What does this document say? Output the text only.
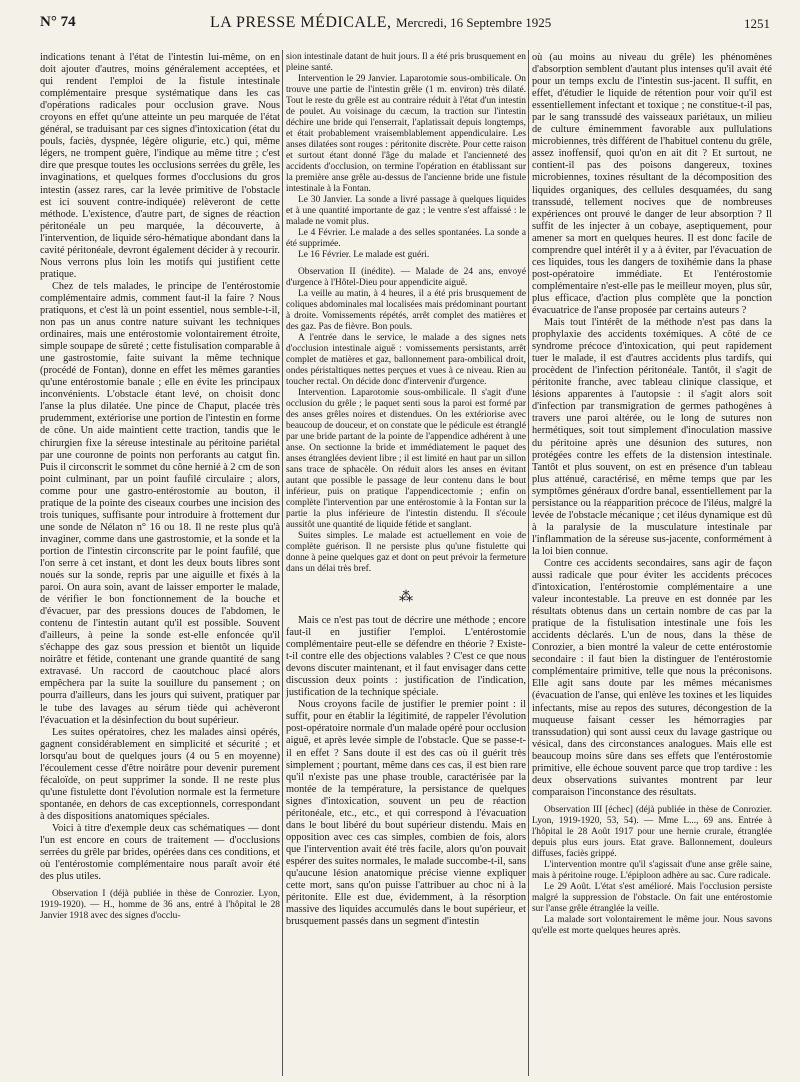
N° 74	LA PRESSE MÉDICALE, Mercredi, 16 Septembre 1925	1251

indications tenant à l'état de l'intestin lui-même, on en doit ajouter d'autres, moins généralement acceptées, et qui rendent l'emploi de la fistule intestinale complémentaire presque systématique dans les cas d'opérations radicales pour occlusion grave. Nous croyons en effet qu'une atteinte un peu marquée de l'état général, se traduisant par ces signes d'intoxication (état du pouls, faciès, dyspnée, légère oligurie, etc.) qui, même légers, ne trompent guère, l'indique au même titre ; c'est dire que presque toutes les occlusions serrées du grêle, les invaginations, et quelques formes d'occlusions du gros intestin (assez rares, car la levée primitive de l'obstacle est ici souvent contre-indiquée) relèveront de cette méthode. L'existence, d'autre part, de signes de réaction péritonéale un peu marquée, la découverte, à l'intervention, de liquide séro-hématique abondant dans la cavité péritonéale, devront également décider à y recourir. Nous verrons plus loin les motifs qui justifient cette pratique.

Chez de tels malades, le principe de l'entérostomie complémentaire admis, comment faut-il la faire ? Nous pratiquons, et c'est là un point essentiel, nous semble-t-il, non pas un anus contre nature suivant les techniques ordinaires, mais une entérostomie volontairement étroite, simple soupape de sûreté ; cette fistulisation comparable à une gastrostomie, faite suivant la même technique (procédé de Fontan), donne en effet les mêmes garanties qu'une entérostomie banale ; elle en évite les principaux inconvénients. L'obstacle étant levé, on choisit donc l'anse la plus dilatée. Une pince de Chaput, placée très prudemment, extériorise une portion de l'intestin en forme de cône. Un aide maintient cette traction, tandis que le chirurgien fixe la séreuse intestinale au péritoine pariétal par une couronne de points non perforants au catgut fin. Puis il circonscrit le sommet du cône hernié à 2 cm de son point culminant, par un point faufilé circulaire ; alors, comme pour une gastro-entérostomie au bouton, il pratique de la pointe des ciseaux courbes une incision des trois tuniques, suffisante pour introduire à frottement dur une sonde de Nélaton n° 16 ou 18. Il ne reste plus qu'à invaginer, comme dans une gastrostomie, et la sonde et la portion de l'intestin circonscrite par le point faufilé, que l'on serre à cet instant, et dont les deux bouts libres sont noués sur la sonde, repris par une aiguille et fixés à la paroi. On aura soin, avant de laisser emporter le malade, de vérifier le bon fonctionnement de la bouche et d'évacuer, par des pressions douces de l'abdomen, le contenu de l'intestin autant qu'il est possible. Souvent d'ailleurs, à peine la sonde est-elle enfoncée qu'il s'échappe des gaz sous pression et bientôt un liquide noirâtre et fétide, contenant une grande quantité de sang extravasé. Un raccord de caoutchouc placé alors empêchera par la suite la souillure du pansement ; on pourra d'ailleurs, dans les jours qui suivent, pratiquer par le tube des lavages au sérum tiède qui achèveront l'évacuation et la désinfection du bout supérieur.

Les suites opératoires, chez les malades ainsi opérés, gagnent considérablement en simplicité et sécurité ; et lorsqu'au bout de quelques jours (4 ou 5 en moyenne) l'écoulement cesse d'être noirâtre pour devenir purement fécaloïde, on peut supprimer la sonde. Il ne reste plus qu'une fistulette dont l'évolution normale est la fermeture spontanée, en dehors de cas exceptionnels, correspondant à des dispositions anatomiques spéciales.

Voici à titre d'exemple deux cas schématiques — dont l'un est encore en cours de traitement — d'occlusions serrées du grêle par brides, opérées dans ces conditions, et où l'entérostomie complémentaire nous paraît avoir été des plus utiles.

Observation I (déjà publiée in thèse de Conrozier. Lyon, 1919-1920). — H., homme de 36 ans, entré à l'hôpital le 28 Janvier 1918 avec des signes d'occlu-

sion intestinale datant de huit jours. Il a été pris brusquement en pleine santé.

Intervention le 29 Janvier. Laparotomie sous-ombilicale. On trouve une partie de l'intestin grêle (1 m. environ) très dilaté. Tout le reste du grêle est au contraire réduit à l'état d'un intestin de poulet. Au voisinage du cæcum, la traction sur l'intestin déchire une bride qui l'enserrait, l'aplatissait depuis longtemps, et était probablement vraisemblablement appendiculaire. Les anses dilatées sont rouges : péritonite discrète. Pour cette raison et surtout étant donné l'âge du malade et l'ancienneté des accidents d'occlusion, on termine l'opération en établissant sur la première anse grêle au-dessus de l'ancienne bride une fistule intestinale à la Fontan.

Le 30 Janvier. La sonde a livré passage à quelques liquides et à une quantité importante de gaz ; le ventre s'est affaissé : le malade ne vomit plus.

Le 4 Février. Le malade a des selles spontanées. La sonde a été supprimée.

Le 16 Février. Le malade est guéri.

Observation II (inédite). — Malade de 24 ans, envoyé d'urgence à l'Hôtel-Dieu pour appendicite aiguë.

La veille au matin, à 4 heures, il a été pris brusquement de coliques abdominales mal localisées mais prédominant pourtant à droite. Vomissements répétés, arrêt complet des matières et des gaz. Pas de fièvre. Bon pouls.

A l'entrée dans le service, le malade a des signes nets d'occlusion intestinale aiguë : vomissements persistants, arrêt complet de matières et gaz, ballonnement para-ombilical droit, ondes péristaltiques nettes perçues et vues à ce niveau. Rien au toucher rectal. On décide donc d'intervenir d'urgence.

Intervention. Laparotomie sous-ombilicale. Il s'agit d'une occlusion du grêle ; le paquet senti sous la paroi est formé par des anses grêles noires et distendues. On les extériorise avec beaucoup de douceur, et on constate que le pédicule est étranglé par une bride partant de la pointe de l'appendice adhérent à une anse. On sectionne la bride et immédiatement le paquet des anses étranglées devient libre ; il est limité en haut par un sillon sans trace de sphacèle. On réduit alors les anses en évitant autant que possible le passage de leur contenu dans le bout inférieur, puis on pratique l'appendicectomie ; enfin on complète l'intervention par une entérostomie à la Fontan sur la partie la plus inférieure de l'intestin distendu. Il s'écoule aussitôt une quantité de liquide fétide et sanglant.

Suites simples. Le malade est actuellement en voie de complète guérison. Il ne persiste plus qu'une fistulette qui donne à peine quelques gaz et dont on peut prévoir la fermeture dans un délai très bref.

⁂

Mais ce n'est pas tout de décrire une méthode ; encore faut-il en justifier l'emploi. L'entérostomie complémentaire peut-elle se défendre en théorie ? Existe-t-il contre elle des objections valables ? C'est ce que nous devons discuter maintenant, et il faut envisager dans cette discussion deux points : justification de l'indication, justification de la technique spéciale.

Nous croyons facile de justifier le premier point : il suffit, pour en établir la légitimité, de rappeler l'évolution post-opératoire normale d'un malade opéré pour occlusion aiguë, et après levée simple de l'obstacle. Que se passe-t-il en effet ? Sans doute il est des cas où il guérit très simplement ; pourtant, même dans ces cas, il est bien rare qu'il n'existe pas une phase trouble, caractérisée par la montée de la température, la persistance de quelques signes d'intoxication, souvent un peu de réaction péritonéale, etc., etc., et qui correspond à l'évacuation dans le bout libéré du bout supérieur distendu. Mais en opposition avec ces cas simples, combien de fois, alors que l'intervention avait été très facile, alors qu'on pouvait espérer des suites normales, le malade succombe-t-il, sans qu'aucune lésion anatomique précise vienne expliquer cette mort, sans qu'on puisse l'attribuer au choc ni à la péritonite. Elle est due, évidemment, à la résorption massive des liquides accumulés dans le bout supérieur, et brusquement passés dans un segment d'intestin

où (au moins au niveau du grêle) les phénomènes d'absorption semblent d'autant plus intenses qu'il avait été pour un temps exclu de l'intestin sus-jacent. Il suffit, en effet, d'étudier le liquide de rétention pour voir qu'il est essentiellement infectant et toxique ; ne constitue-t-il pas, par le sang transsudé des vaisseaux pariétaux, un milieu de culture éminemment favorable aux pullulations microbiennes, très différent de l'habituel contenu du grêle, assez inoffensif, quoi qu'on en ait dit ? Et surtout, ne contient-il pas des poisons dangereux, toxines microbiennes, toxines résultant de la décomposition des liquides organiques, des cellules desquamées, du sang transsudé, tellement nocives que de nombreuses expériences ont prouvé le danger de leur absorption ? Il suffit de les injecter à un cobaye, aseptiquement, pour amener sa mort en quelques heures. Il est donc facile de comprendre quel intérêt il y a à éviter, par l'évacuation de ces liquides, tous les dangers de toxihémie dans la phase post-opératoire immédiate. Et l'entérostomie complémentaire n'est-elle pas le meilleur moyen, plus sûr, plus efficace, d'action plus complète que la ponction évacuatrice de l'anse proposée par certains auteurs ?

Mais tout l'intérêt de la méthode n'est pas dans la prophylaxie des accidents toxémiques. A côté de ce syndrome précoce d'intoxication, qui peut rapidement tuer le malade, il est d'autres accidents plus tardifs, qui procèdent de l'infection péritonéale. Tantôt, il s'agit de péritonite franche, avec tableau clinique classique, et lésions apparentes à l'autopsie : il s'agit alors soit d'infection par transmigration de germes pathogènes à travers une paroi altérée, ou le long de sutures non hermétiques, soit tout simplement d'inoculation massive du péritoine après une désunion des sutures, non protégées contre les effets de la distension intestinale. Tantôt et plus souvent, on est en présence d'un tableau plus atténué, caractérisé, en même temps que par les symptômes généraux d'ordre banal, essentiellement par la persistance ou la réapparition précoce de l'iléus, malgré la levée de l'obstacle mécanique ; cet iléus dynamique est dû à la paralysie de la musculature intestinale par l'inflammation de la séreuse sus-jacente, conformément à la loi bien connue.

Contre ces accidents secondaires, sans agir de façon aussi radicale que pour éviter les accidents précoces d'intoxication, l'entérostomie complémentaire a une valeur incontestable. La preuve en est donnée par les résultats obtenus dans un certain nombre de cas par la pratique de la fistulisation intestinale une fois les accidents déclarés. L'un de nous, dans la thèse de Conrozier, a bien montré la valeur de cette entérostomie secondaire : il faut bien la distinguer de l'entérostomie complémentaire primitive, telle que nous la préconisons. Elle agit sans doute par les mêmes mécanismes (évacuation de l'anse, qui enlève les toxines et les liquides infectants, mise au repos des sutures, décongestion de la muqueuse faisant cesser les hémorragies par transsudation) qui sont aussi ceux du lavage gastrique ou vésical, dans des circonstances analogues. Mais elle est beaucoup moins sûre dans ses effets que l'entérostomie primitive, elle échoue souvent parce que trop tardive : les deux observations suivantes montrent par leur comparaison l'inconstance des résultats.

Observation III [échec] (déjà publiée in thèse de Conrozier. Lyon, 1919-1920, 53, 54). — Mme L..., 69 ans. Entrée à l'hôpital le 28 Août 1917 pour une hernie crurale, étranglée depuis plus eurs jours. Etat grave. Ballonnement, douleurs diffuses, faciès grippé.

L'intervention montre qu'il s'agissait d'une anse grêle saine, mais à péritoine rouge. L'épiploon adhère au sac. Cure radicale.

Le 29 Août. L'état s'est amélioré. Mais l'occlusion persiste malgré la suppression de l'obstacle. On fait une entérostomie sur l'anse grêle étranglée la veille.

La malade sort volontairement le même jour. Nous savons qu'elle est morte quelques heures après.
